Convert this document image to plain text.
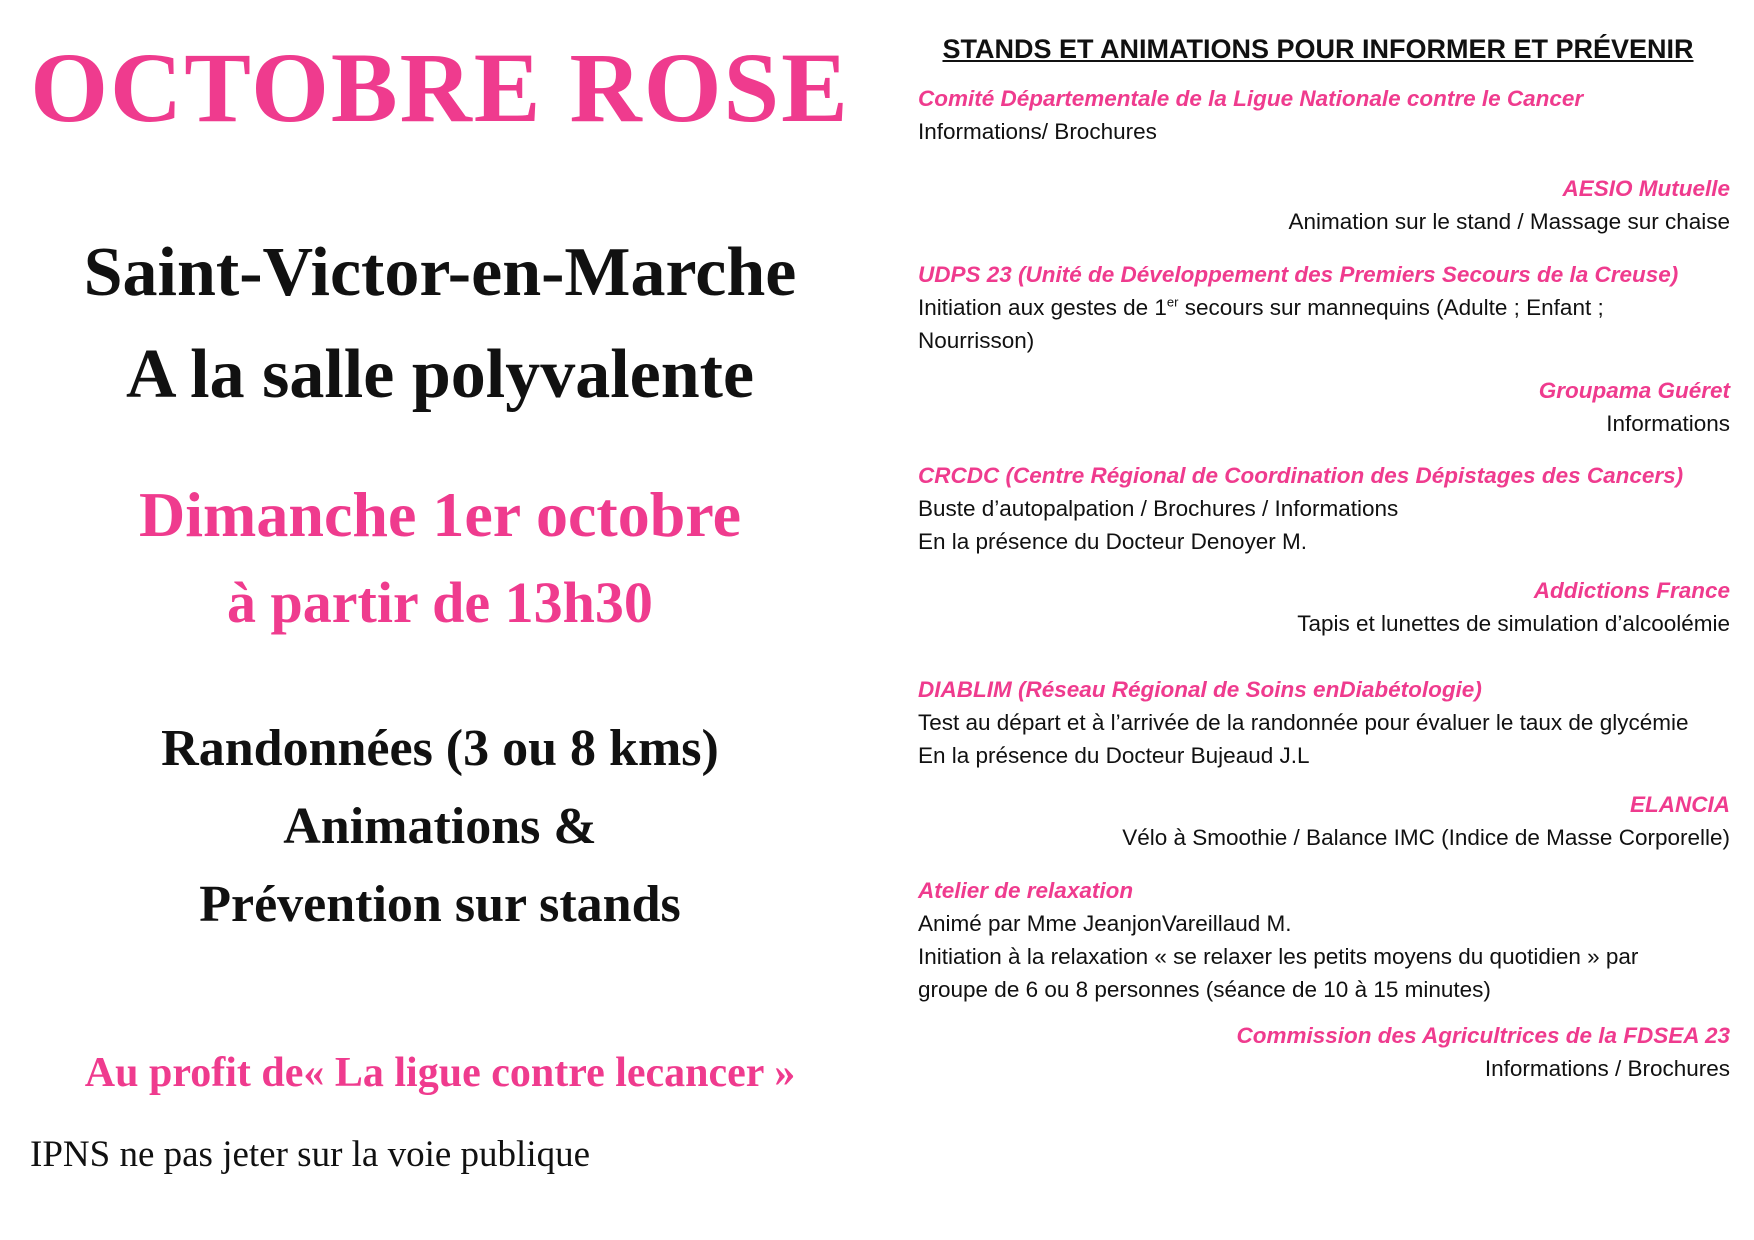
OCTOBRE ROSE
Saint-Victor-en-Marche
A la salle polyvalente
Dimanche 1er octobre
à partir de 13h30
Randonnées (3 ou 8 kms)
Animations &
Prévention sur stands
Au profit de« La ligue contre lecancer »
IPNS ne pas jeter sur la voie publique
STANDS ET ANIMATIONS POUR INFORMER ET PRÉVENIR
Comité Départementale de la Ligue Nationale contre le Cancer
Informations/ Brochures
AESIO Mutuelle
Animation sur le stand / Massage sur chaise
UDPS 23 (Unité de Développement des Premiers Secours de la Creuse)
Initiation aux gestes de 1er secours sur mannequins (Adulte ; Enfant ;
Nourrisson)
Groupama Guéret
Informations
CRCDC (Centre Régional de Coordination des Dépistages des Cancers)
Buste d’autopalpation / Brochures / Informations
En la présence du Docteur Denoyer M.
Addictions France
Tapis et lunettes de simulation d’alcoolémie
DIABLIM (Réseau Régional de Soins enDiabétologie)
Test au départ et à l’arrivée de la randonnée pour évaluer le taux de glycémie
En la présence du Docteur Bujeaud J.L
ELANCIA
Vélo à Smoothie / Balance IMC (Indice de Masse Corporelle)
Atelier de relaxation
Animé par Mme JeanjonVareillaud M.
Initiation à la relaxation « se relaxer les petits moyens du quotidien » par
groupe de 6 ou 8 personnes (séance de 10 à 15 minutes)
Commission des Agricultrices de la FDSEA 23
Informations / Brochures
